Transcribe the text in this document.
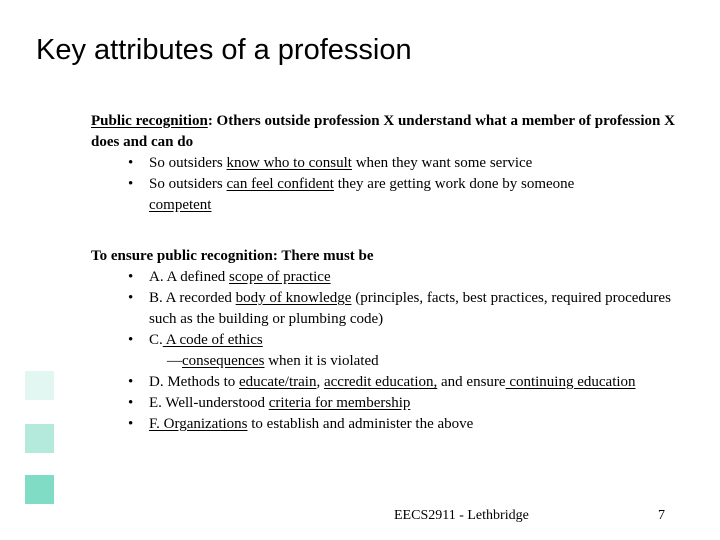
Key attributes of a profession
Public recognition: Others outside profession X understand what a member of profession X does and can do
• So outsiders know who to consult when they want some service
• So outsiders can feel confident they are getting work done by someone
competent
To ensure public recognition: There must be
• A. A defined scope of practice
• B. A recorded body of knowledge (principles, facts, best practices, required procedures such as the building or plumbing code)
• C. A code of ethics
—consequences when it is violated
• D. Methods to educate/train, accredit education, and ensure continuing education
• E. Well-understood criteria for membership
• F. Organizations to establish and administer the above
EECS2911 - Lethbridge	7
